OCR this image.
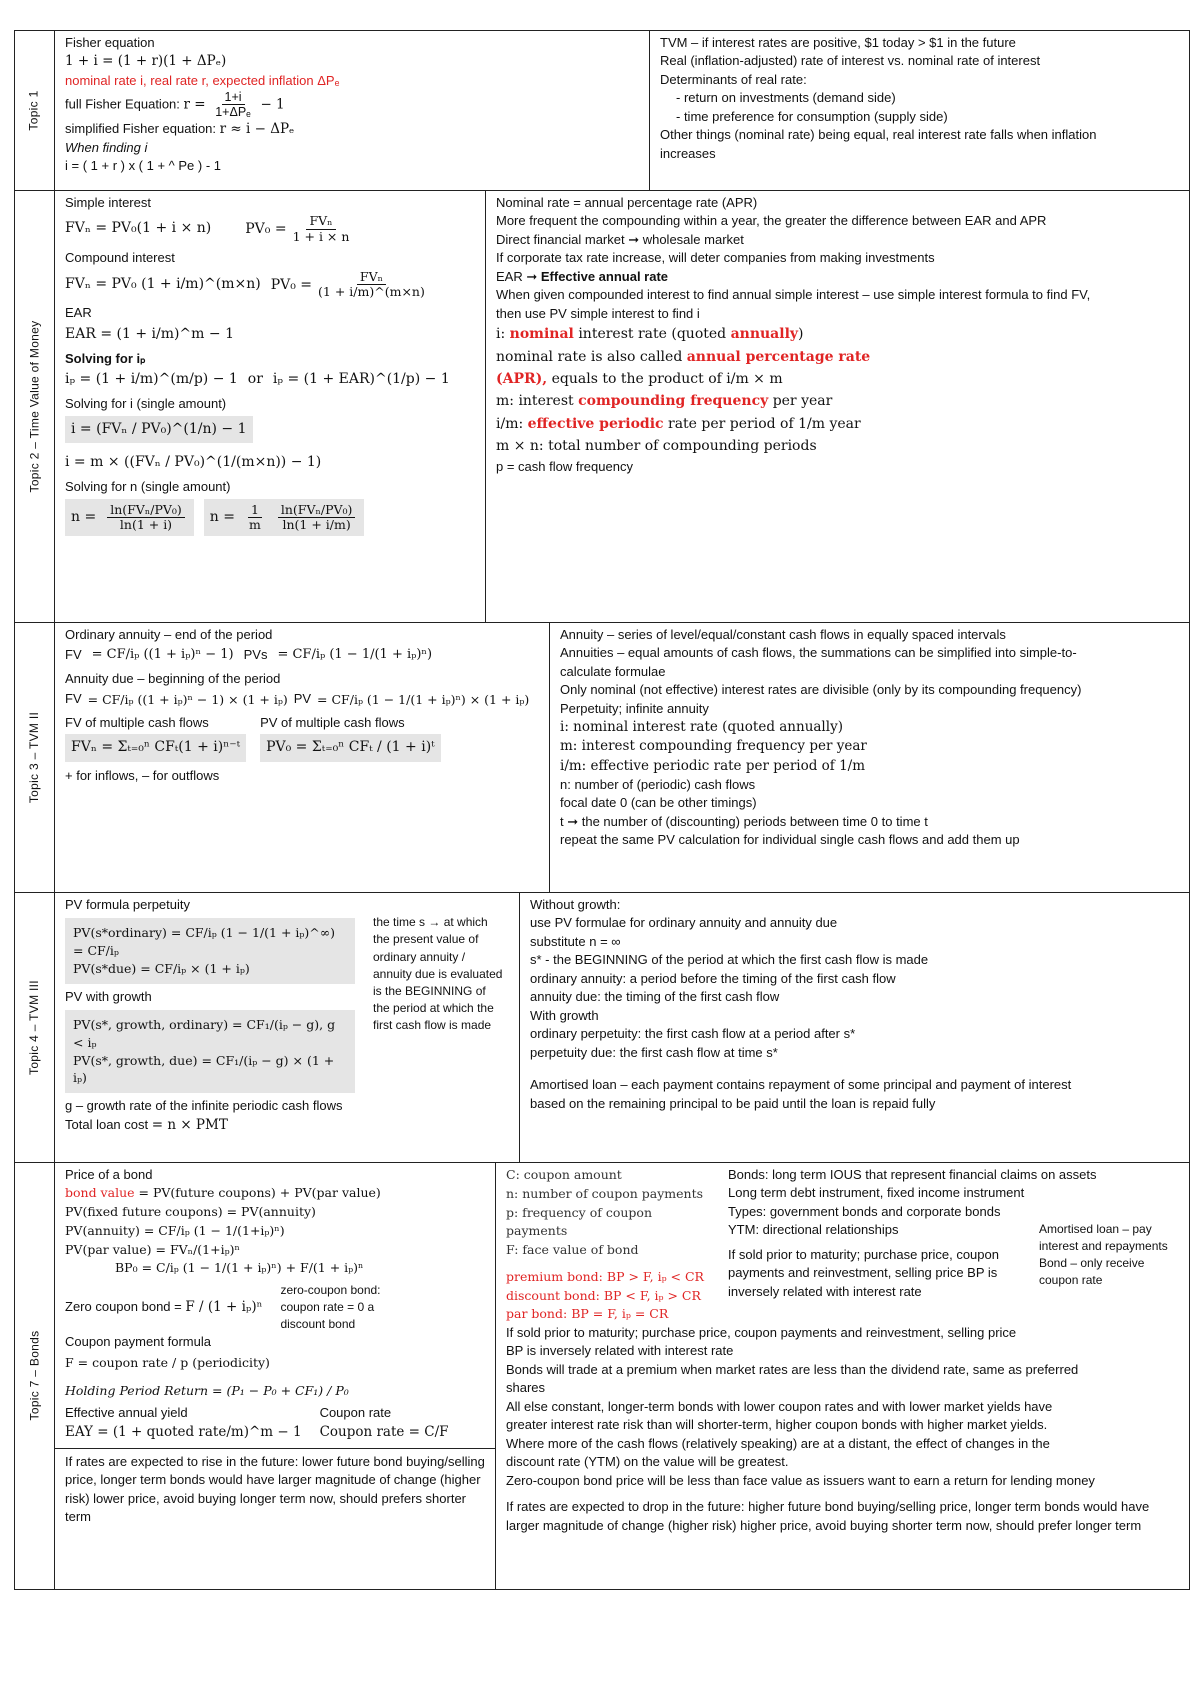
Topic 1

Fisher equation

1 + i = (1 + r)(1 + ΔPₑ)

nominal rate i, real rate r, expected inflation ΔPₑ

full Fisher Equation: $r = \frac{1+i}{\text{1+ΔPₑ}} - 1$

simplified Fisher equation: r ≈ i − ΔPₑ

When finding i

i = ( 1 + r ) x ( 1 + ^ Pe ) - 1

TVM – if interest rates are positive, $1 today > $1 in the future

Real (inflation-adjusted) rate of interest vs. nominal rate of interest

Determinants of real rate:

- return on investments (demand side)

- time preference for consumption (supply side)

Other things (nominal rate) being equal, real interest rate falls when inflation

increases

Topic 2 – Time Value of Money

Simple interest

FVₙ = PV₀(1 + i × n) $PV_0 = \frac{\text{FVₙ}}{1 + i \times n}$

Compound interest

FVₙ = PV₀ (1 + i/m)^(m×n) $PV_0 = \frac{\text{FVₙ}}{(1 + i/m)\^{}(m\times n)}$

EAR

EAR = (1 + i/m)^m − 1

Solving for iₚ

iₚ = (1 + i/m)^(m/p) − 1 or iₚ = (1 + EAR)^(1/p) − 1

Solving for i (single amount)

i = (FVₙ / PV₀)^(1/n) − 1
i = m × ((FVₙ / PV₀)^(1/(m×n)) − 1)

Solving for n (single amount)

$n = \frac{\text{ln(FVₙ/PV₀)}}{\ln(1 + i)}$ $n = \frac{1}{m} \frac{\text{ln(FVₙ/PV₀)}}{\ln(1 + i/m)}$

Nominal rate = annual percentage rate (APR)

More frequent the compounding within a year, the greater the difference between EAR and APR

Direct financial market ➞ wholesale market

If corporate tax rate increase, will deter companies from making investments

EAR ➞ Effective annual rate

When given compounded interest to find annual simple interest – use simple interest formula to find FV,

then use PV simple interest to find i

i: nominal interest rate (quoted annually)

nominal rate is also called annual percentage rate

(APR), equals to the product of i/m × m

m: interest compounding frequency per year

i/m: effective periodic rate per period of 1/m year

m × n: total number of compounding periods

p = cash flow frequency

Topic 3 – TVM II

Ordinary annuity – end of the period

FV = CF/iₚ ((1 + iₚ)ⁿ − 1) PVs = CF/iₚ (1 − 1/(1 + iₚ)ⁿ)

Annuity due – beginning of the period

FV = CF/iₚ ((1 + iₚ)ⁿ − 1) × (1 + iₚ) PV = CF/iₚ (1 − 1/(1 + iₚ)ⁿ) × (1 + iₚ)

FV of multiple cash flows

FVₙ = Σₜ₌₀ⁿ CFₜ(1 + i)ⁿ⁻ᵗ

PV of multiple cash flows

PV₀ = Σₜ₌₀ⁿ CFₜ / (1 + i)ᵗ

+ for inflows, – for outflows

Annuity – series of level/equal/constant cash flows in equally spaced intervals

Annuities – equal amounts of cash flows, the summations can be simplified into simple-to-

calculate formulae

Only nominal (not effective) interest rates are divisible (only by its compounding frequency)

Perpetuity; infinite annuity

i: nominal interest rate (quoted annually)

m: interest compounding frequency per year

i/m: effective periodic rate per period of 1/m

n: number of (periodic) cash flows

focal date 0 (can be other timings)

t ➞ the number of (discounting) periods between time 0 to time t

repeat the same PV calculation for individual single cash flows and add them up

Topic 4 – TVM III

PV formula perpetuity

PV(s*ordinary) = CF/iₚ (1 − 1/(1 + iₚ)^∞) = CF/iₚ

PV(s*due) = CF/iₚ × (1 + iₚ)

PV with growth

PV(s*, growth, ordinary) = CF₁/(iₚ − g), g < iₚ

PV(s*, growth, due) = CF₁/(iₚ − g) × (1 + iₚ)

the time s → at which the present value of ordinary annuity / annuity due is evaluated is the BEGINNING of the period at which the first cash flow is made

g – growth rate of the infinite periodic cash flows

Total loan cost = n × PMT

Without growth:

use PV formulae for ordinary annuity and annuity due

substitute n = ∞

s* - the BEGINNING of the period at which the first cash flow is made

ordinary annuity: a period before the timing of the first cash flow

annuity due: the timing of the first cash flow

With growth

ordinary perpetuity: the first cash flow at a period after s*

perpetuity due: the first cash flow at time s*

Amortised loan – each payment contains repayment of some principal and payment of interest

based on the remaining principal to be paid until the loan is repaid fully

Topic 7 – Bonds

Price of a bond

bond value = PV(future coupons) + PV(par value)

PV(fixed future coupons) = PV(annuity)

PV(annuity) = CF/iₚ (1 − 1/(1+iₚ)ⁿ)

PV(par value) = FVₙ/(1+iₚ)ⁿ

BP₀ = C/iₚ (1 − 1/(1 + iₚ)ⁿ) + F/(1 + iₚ)ⁿ

Zero coupon bond = F / (1 + iₚ)ⁿ
zero-coupon bond: coupon rate = 0 a discount bond

Coupon payment formula

F = coupon rate / p (periodicity)
Holding Period Return = (P₁ − P₀ + CF₁) / P₀

Effective annual yield

EAY = (1 + quoted rate/m)^m − 1

Coupon rate

Coupon rate = C/F

If rates are expected to rise in the future: lower future bond buying/selling price, longer term bonds would have larger magnitude of change (higher risk) lower price, avoid buying longer term now, should prefers shorter term

C: coupon amount

n: number of coupon payments

p: frequency of coupon payments

F: face value of bond

premium bond: BP > F, iₚ < CR

discount bond: BP < F, iₚ > CR

par bond: BP = F, iₚ = CR

Bonds: long term IOUS that represent financial claims on assets

Long term debt instrument, fixed income instrument

Types: government bonds and corporate bonds

YTM: directional relationships

If sold prior to maturity; purchase price, coupon payments and reinvestment, selling price BP is inversely related with interest rate

Amortised loan – pay interest and repayments Bond – only receive coupon rate

If sold prior to maturity; purchase price, coupon payments and reinvestment, selling price

BP is inversely related with interest rate

Bonds will trade at a premium when market rates are less than the dividend rate, same as preferred

shares

All else constant, longer-term bonds with lower coupon rates and with lower market yields have

greater interest rate risk than will shorter-term, higher coupon bonds with higher market yields.

Where more of the cash flows (relatively speaking) are at a distant, the effect of changes in the

discount rate (YTM) on the value will be greatest.

Zero-coupon bond price will be less than face value as issuers want to earn a return for lending money

If rates are expected to drop in the future: higher future bond buying/selling price, longer term bonds would have larger magnitude of change (higher risk) higher price, avoid buying shorter term now, should prefer longer term
